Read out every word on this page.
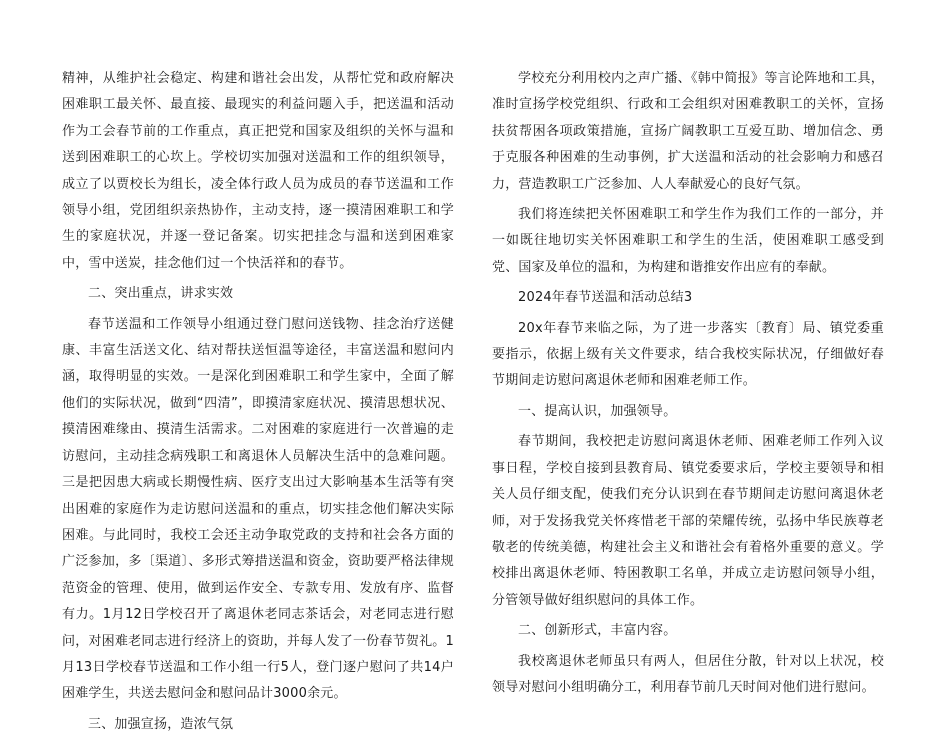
精神，从维护社会稳定、构建和谐社会出发，从帮忙党和政府解决困难职工最关怀、最直接、最现实的利益问题入手，把送温和活动作为工会春节前的工作重点，真正把党和国家及组织的关怀与温和送到困难职工的心坎上。学校切实加强对送温和工作的组织领导，成立了以贾校长为组长，凌全体行政人员为成员的春节送温和工作领导小组，党团组织亲热协作，主动支持，逐一摸清困难职工和学生的家庭状况，并逐一登记备案。切实把挂念与温和送到困难家中，雪中送炭，挂念他们过一个快活祥和的春节。

二、突出重点，讲求实效

春节送温和工作领导小组通过登门慰问送钱物、挂念治疗送健康、丰富生活送文化、结对帮扶送恒温等途径，丰富送温和慰问内涵，取得明显的实效。一是深化到困难职工和学生家中，全面了解他们的实际状况，做到“四清”，即摸清家庭状况、摸清思想状况、摸清困难缘由、摸清生活需求。二对困难的家庭进行一次普遍的走访慰问，主动挂念病残职工和离退休人员解决生活中的急难问题。三是把因患大病或长期慢性病、医疗支出过大影响基本生活等有突出困难的家庭作为走访慰问送温和的重点，切实挂念他们解决实际困难。与此同时，我校工会还主动争取党政的支持和社会各方面的广泛参加，多〔渠道〕、多形式筹措送温和资金，资助要严格法律规范资金的管理、使用，做到运作安全、专款专用、发放有序、监督有力。1月12日学校召开了离退休老同志茶话会，对老同志进行慰问，对困难老同志进行经济上的资助，并每人发了一份春节贺礼。1月13日学校春节送温和工作小组一行5人，登门逐户慰问了共14户困难学生，共送去慰问金和慰问品计3000余元。

三、加强宣扬，造浓气氛

学校充分利用校内之声广播、《韩中简报》等言论阵地和工具，准时宣扬学校党组织、行政和工会组织对困难教职工的关怀，宣扬扶贫帮困各项政策措施，宣扬广阔教职工互爱互助、增加信念、勇于克服各种困难的生动事例，扩大送温和活动的社会影响力和感召力，营造教职工广泛参加、人人奉献爱心的良好气氛。

我们将连续把关怀困难职工和学生作为我们工作的一部分，并一如既往地切实关怀困难职工和学生的生活，使困难职工感受到党、国家及单位的温和，为构建和谐推安作出应有的奉献。

2024年春节送温和活动总结3

20x年春节来临之际，为了进一步落实〔教育〕局、镇党委重要指示，依据上级有关文件要求，结合我校实际状况，仔细做好春节期间走访慰问离退休老师和困难老师工作。

一、提高认识，加强领导。

春节期间，我校把走访慰问离退休老师、困难老师工作列入议事日程，学校自接到县教育局、镇党委要求后，学校主要领导和相关人员仔细支配，使我们充分认识到在春节期间走访慰问离退休老师，对于发扬我党关怀疼惜老干部的荣耀传统，弘扬中华民族尊老敬老的传统美德，构建社会主义和谐社会有着格外重要的意义。学校排出离退休老师、特困教职工名单，并成立走访慰问领导小组，分管领导做好组织慰问的具体工作。

二、创新形式，丰富内容。

我校离退休老师虽只有两人，但居住分散，针对以上状况，校领导对慰问小组明确分工，利用春节前几天时间对他们进行慰问。
